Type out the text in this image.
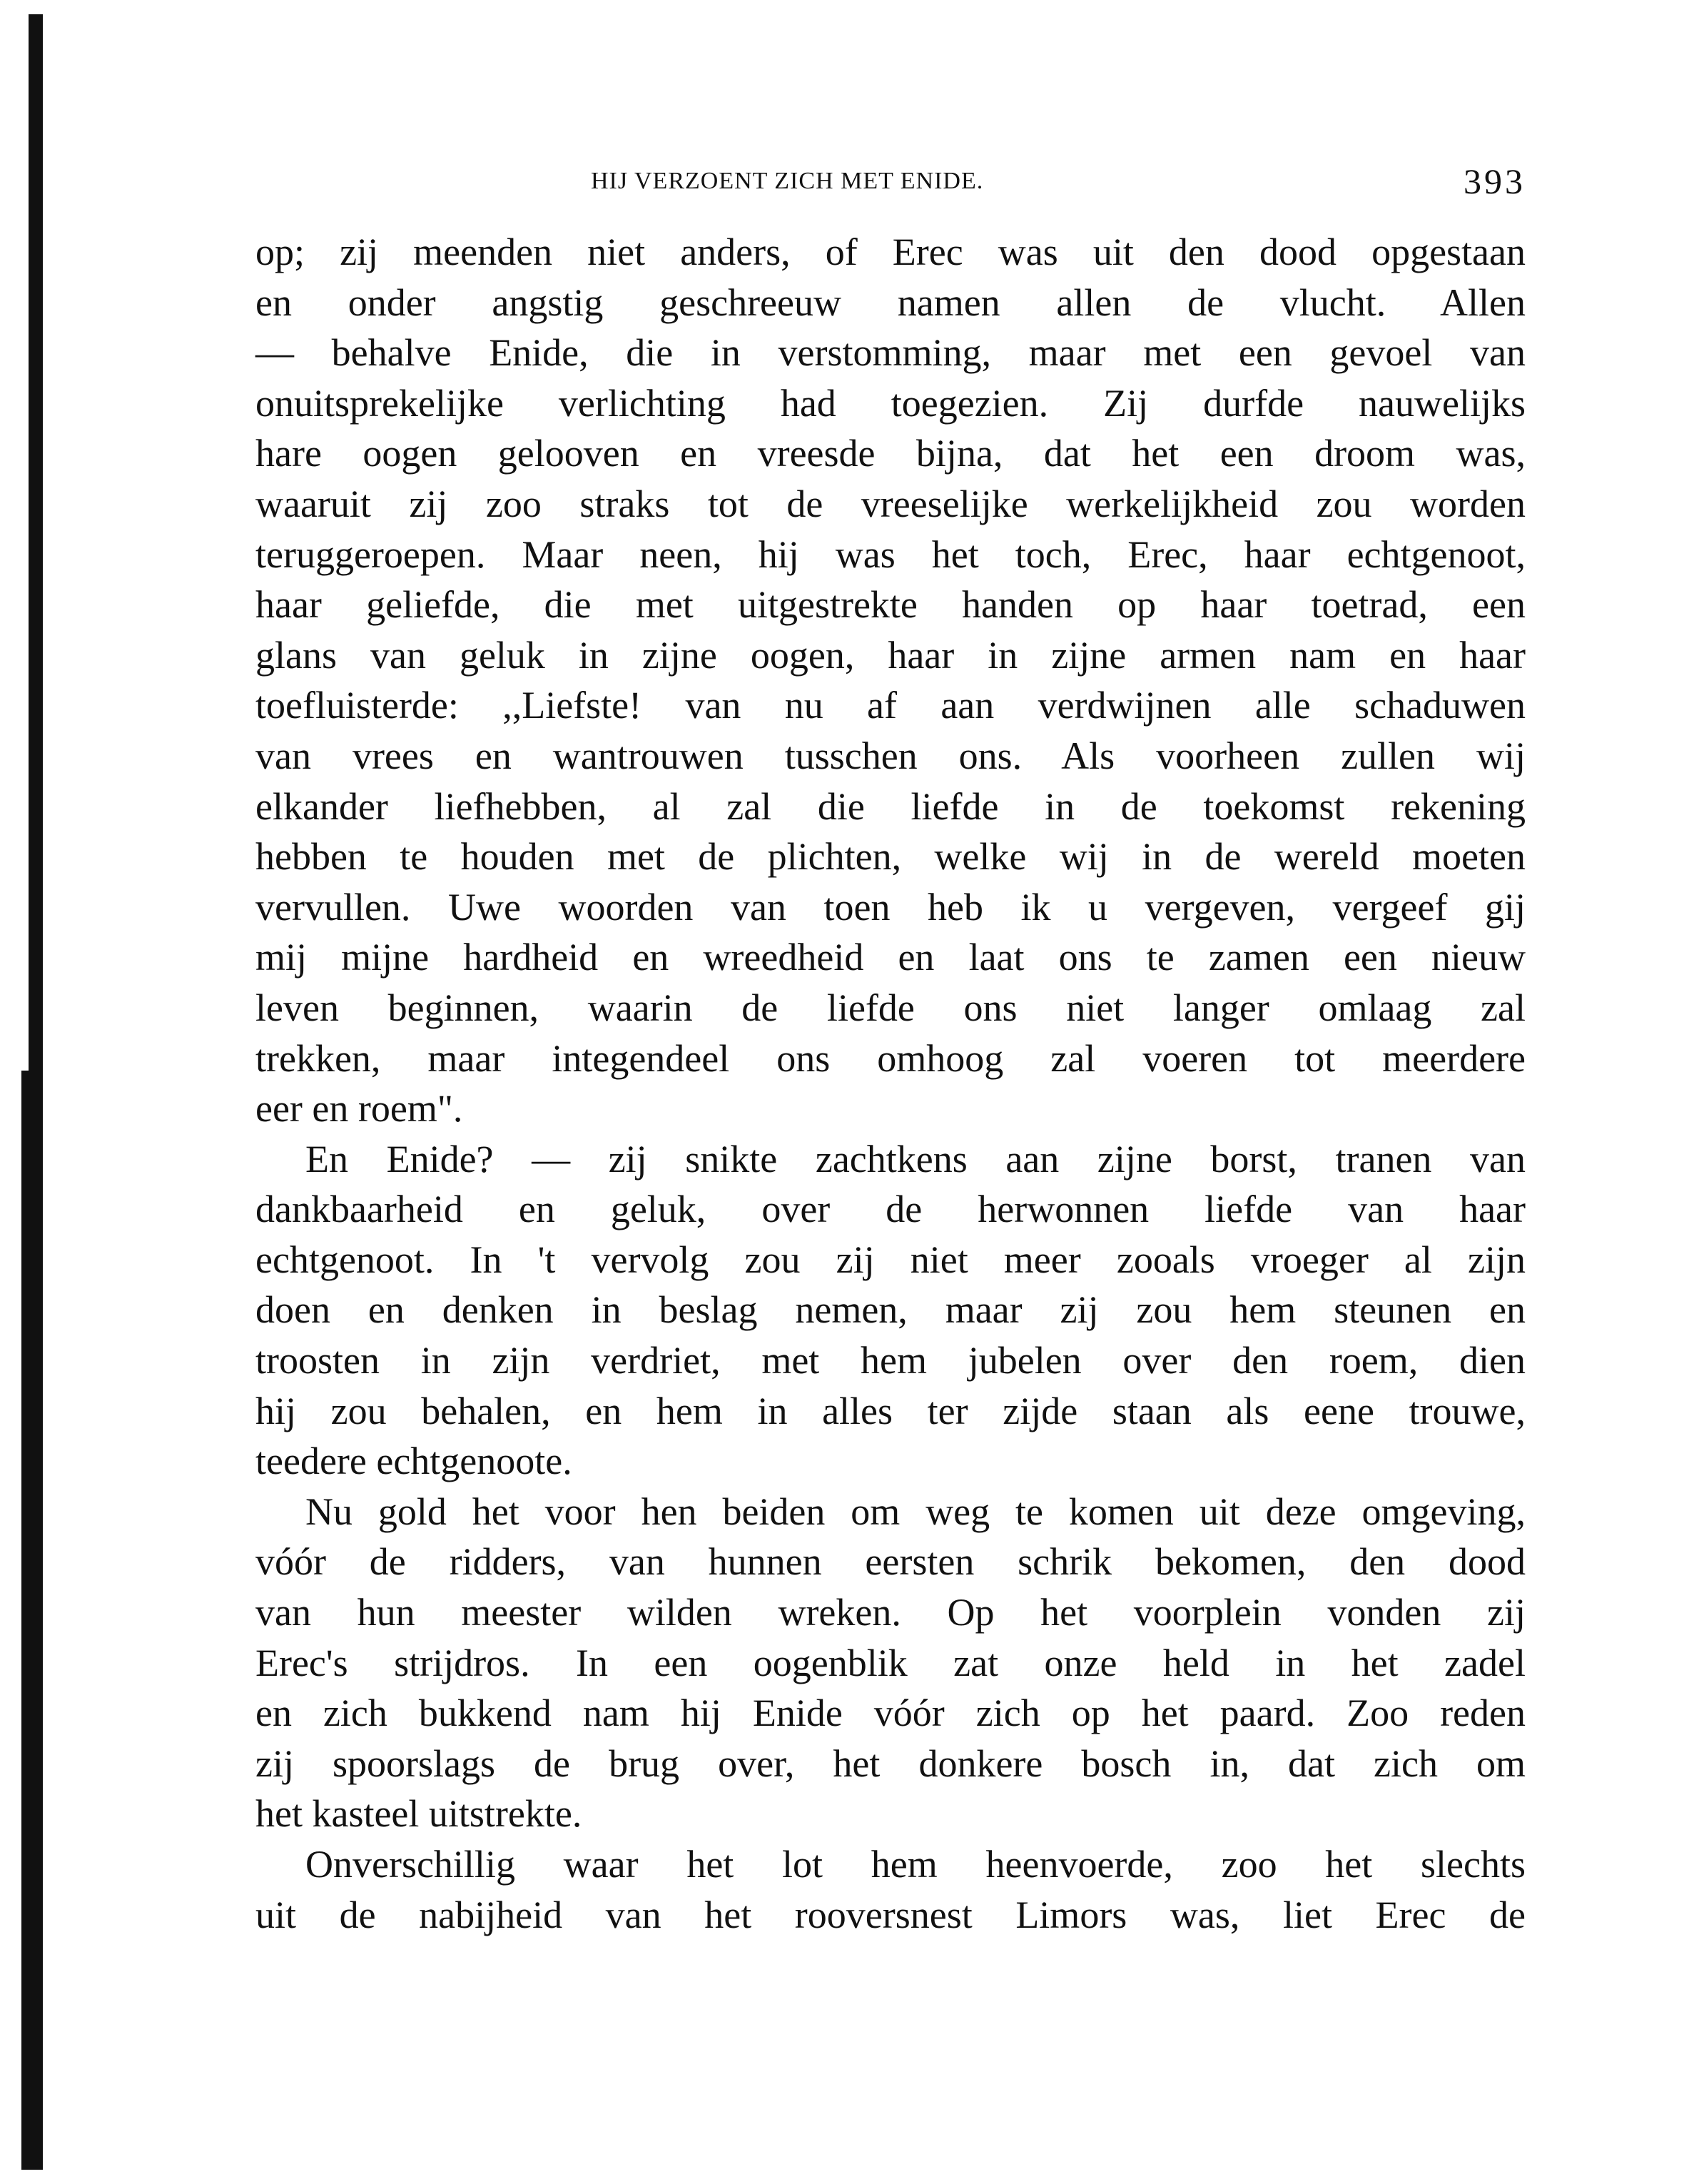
HIJ VERZOENT ZICH MET ENIDE.	393
op; zij meenden niet anders, of Erec was uit den dood opgestaan
en onder angstig geschreeuw namen allen de vlucht. Allen
— behalve Enide, die in verstomming, maar met een gevoel van
onuitsprekelijke verlichting had toegezien. Zij durfde nauwelijks
hare oogen gelooven en vreesde bijna, dat het een droom was,
waaruit zij zoo straks tot de vreeselijke werkelijkheid zou worden
teruggeroepen. Maar neen, hij was het toch, Erec, haar echtgenoot,
haar geliefde, die met uitgestrekte handen op haar toetrad, een
glans van geluk in zijne oogen, haar in zijne armen nam en haar
toefluisterde: ,,Liefste! van nu af aan verdwijnen alle schaduwen
van vrees en wantrouwen tusschen ons. Als voorheen zullen wij
elkander liefhebben, al zal die liefde in de toekomst rekening
hebben te houden met de plichten, welke wij in de wereld moeten
vervullen. Uwe woorden van toen heb ik u vergeven, vergeef gij
mij mijne hardheid en wreedheid en laat ons te zamen een nieuw
leven beginnen, waarin de liefde ons niet langer omlaag zal
trekken, maar integendeel ons omhoog zal voeren tot meerdere
eer en roem".
En Enide? — zij snikte zachtkens aan zijne borst, tranen van
dankbaarheid en geluk, over de herwonnen liefde van haar
echtgenoot. In 't vervolg zou zij niet meer zooals vroeger al zijn
doen en denken in beslag nemen, maar zij zou hem steunen en
troosten in zijn verdriet, met hem jubelen over den roem, dien
hij zou behalen, en hem in alles ter zijde staan als eene trouwe,
teedere echtgenoote.
Nu gold het voor hen beiden om weg te komen uit deze omgeving,
vóór de ridders, van hunnen eersten schrik bekomen, den dood
van hun meester wilden wreken. Op het voorplein vonden zij
Erec's strijdros. In een oogenblik zat onze held in het zadel
en zich bukkend nam hij Enide vóór zich op het paard. Zoo reden
zij spoorslags de brug over, het donkere bosch in, dat zich om
het kasteel uitstrekte.
Onverschillig waar het lot hem heenvoerde, zoo het slechts
uit de nabijheid van het rooversnest Limors was, liet Erec de
